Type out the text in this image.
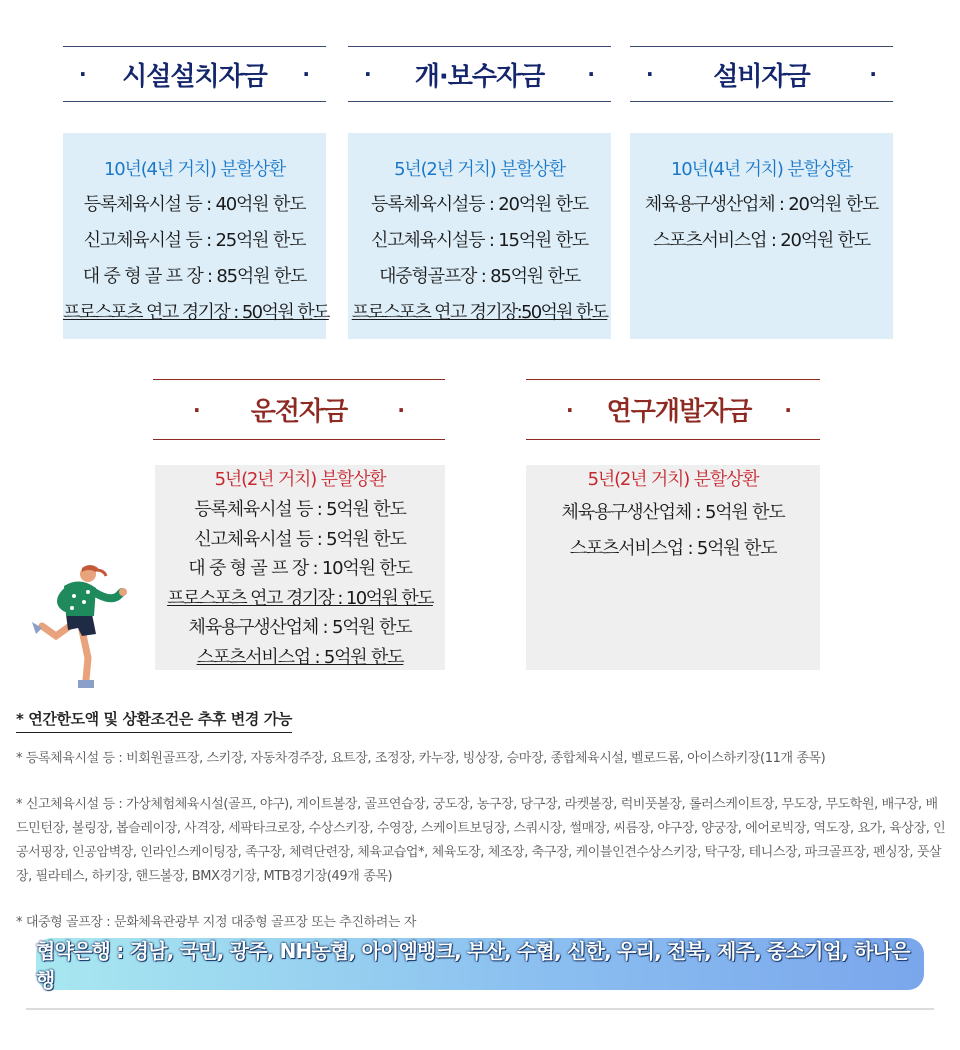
· 시설설치자금 ·	· 개·보수자금 ·	· 설비자금	·
10년(4년 거치) 분할상환
등록체육시설 등 : 40억원 한도
신고체육시설 등 : 25억원 한도
대 중 형 골 프 장 : 85억원 한도
프로스포츠 연고 경기장 : 50억원 한도
5년(2년 거치) 분할상환
등록체육시설등 : 20억원 한도
신고체육시설등 : 15억원 한도
대중형골프장 : 85억원 한도
프로스포츠 연고 경기장:50억원 한도
10년(4년 거치) 분할상환
체육용구생산업체 : 20억원 한도
스포츠서비스업 : 20억원 한도
· 운전자금	·	· 연구개발자금 ·
5년(2년 거치) 분할상환
등록체육시설 등 : 5억원 한도
신고체육시설 등 : 5억원 한도
대 중 형 골 프 장 : 10억원 한도
프로스포츠 연고 경기장 : 10억원 한도
체육용구생산업체 : 5억원 한도
스포츠서비스업 : 5억원 한도
5년(2년 거치) 분할상환
체육용구생산업체 : 5억원 한도
스포츠서비스업 : 5억원 한도
* 연간한도액 및 상환조건은 추후 변경 가능

* 등록체육시설 등 : 비회원골프장, 스키장, 자동차경주장, 요트장, 조정장, 카누장, 빙상장, 승마장, 종합체육시설, 벨로드롬, 아이스하키장(11개 종목)

* 신고체육시설 등 : 가상체험체육시설(골프, 야구), 게이트볼장, 골프연습장, 궁도장, 농구장, 당구장, 라켓볼장, 럭비풋볼장, 롤러스케이트장, 무도장, 무도학원, 배구장, 배드민턴장, 볼링장, 봅슬레이장, 사격장, 세팍타크로장, 수상스키장, 수영장, 스케이트보딩장, 스쿼시장, 썰매장, 씨름장, 야구장, 양궁장, 에어로빅장, 역도장, 요가, 육상장, 인공서핑장, 인공암벽장, 인라인스케이팅장, 족구장, 체력단련장, 체육교습업*, 체육도장, 체조장, 축구장, 케이블인견수상스키장, 탁구장, 테니스장, 파크골프장, 펜싱장, 풋살장, 필라테스, 하키장, 핸드볼장, BMX경기장, MTB경기장(49개 종목)

* 대중형 골프장 : 문화체육관광부 지정 대중형 골프장 또는 추진하려는 자

협약은행 : 경남, 국민, 광주, NH농협, 아이엠뱅크, 부산, 수협, 신한, 우리, 전북, 제주, 중소기업, 하나은행
